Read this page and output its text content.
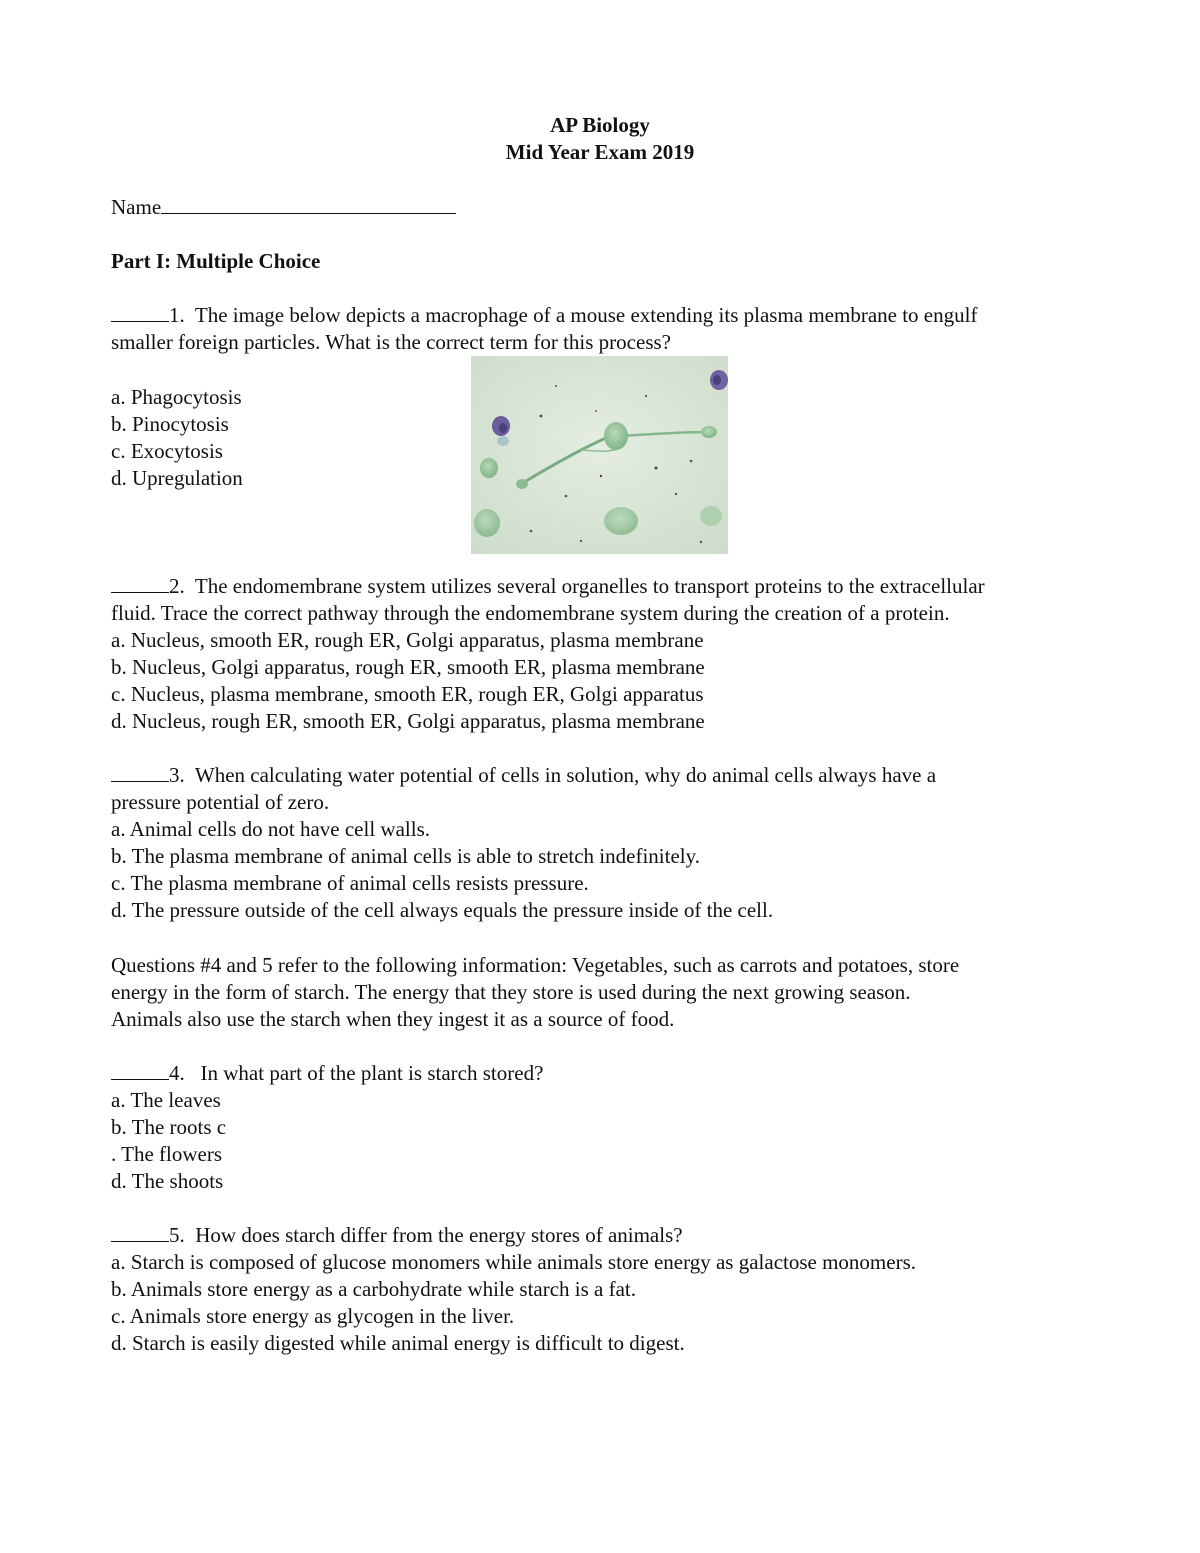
AP Biology
Mid Year Exam 2019
Name
Part I: Multiple Choice
1. The image below depicts a macrophage of a mouse extending its plasma membrane to engulf
smaller foreign particles. What is the correct term for this process?
a. Phagocytosis
b. Pinocytosis
c. Exocytosis
d. Upregulation
2. The endomembrane system utilizes several organelles to transport proteins to the extracellular
fluid. Trace the correct pathway through the endomembrane system during the creation of a protein.
a. Nucleus, smooth ER, rough ER, Golgi apparatus, plasma membrane
b. Nucleus, Golgi apparatus, rough ER, smooth ER, plasma membrane
c. Nucleus, plasma membrane, smooth ER, rough ER, Golgi apparatus
d. Nucleus, rough ER, smooth ER, Golgi apparatus, plasma membrane
3. When calculating water potential of cells in solution, why do animal cells always have a
pressure potential of zero.
a. Animal cells do not have cell walls.
b. The plasma membrane of animal cells is able to stretch indefinitely.
c. The plasma membrane of animal cells resists pressure.
d. The pressure outside of the cell always equals the pressure inside of the cell.
Questions #4 and 5 refer to the following information: Vegetables, such as carrots and potatoes, store
energy in the form of starch. The energy that they store is used during the next growing season.
Animals also use the starch when they ingest it as a source of food.
4. In what part of the plant is starch stored?
a. The leaves
b. The roots c
. The flowers
d. The shoots
5. How does starch differ from the energy stores of animals?
a. Starch is composed of glucose monomers while animals store energy as galactose monomers.
b. Animals store energy as a carbohydrate while starch is a fat.
c. Animals store energy as glycogen in the liver.
d. Starch is easily digested while animal energy is difficult to digest.
